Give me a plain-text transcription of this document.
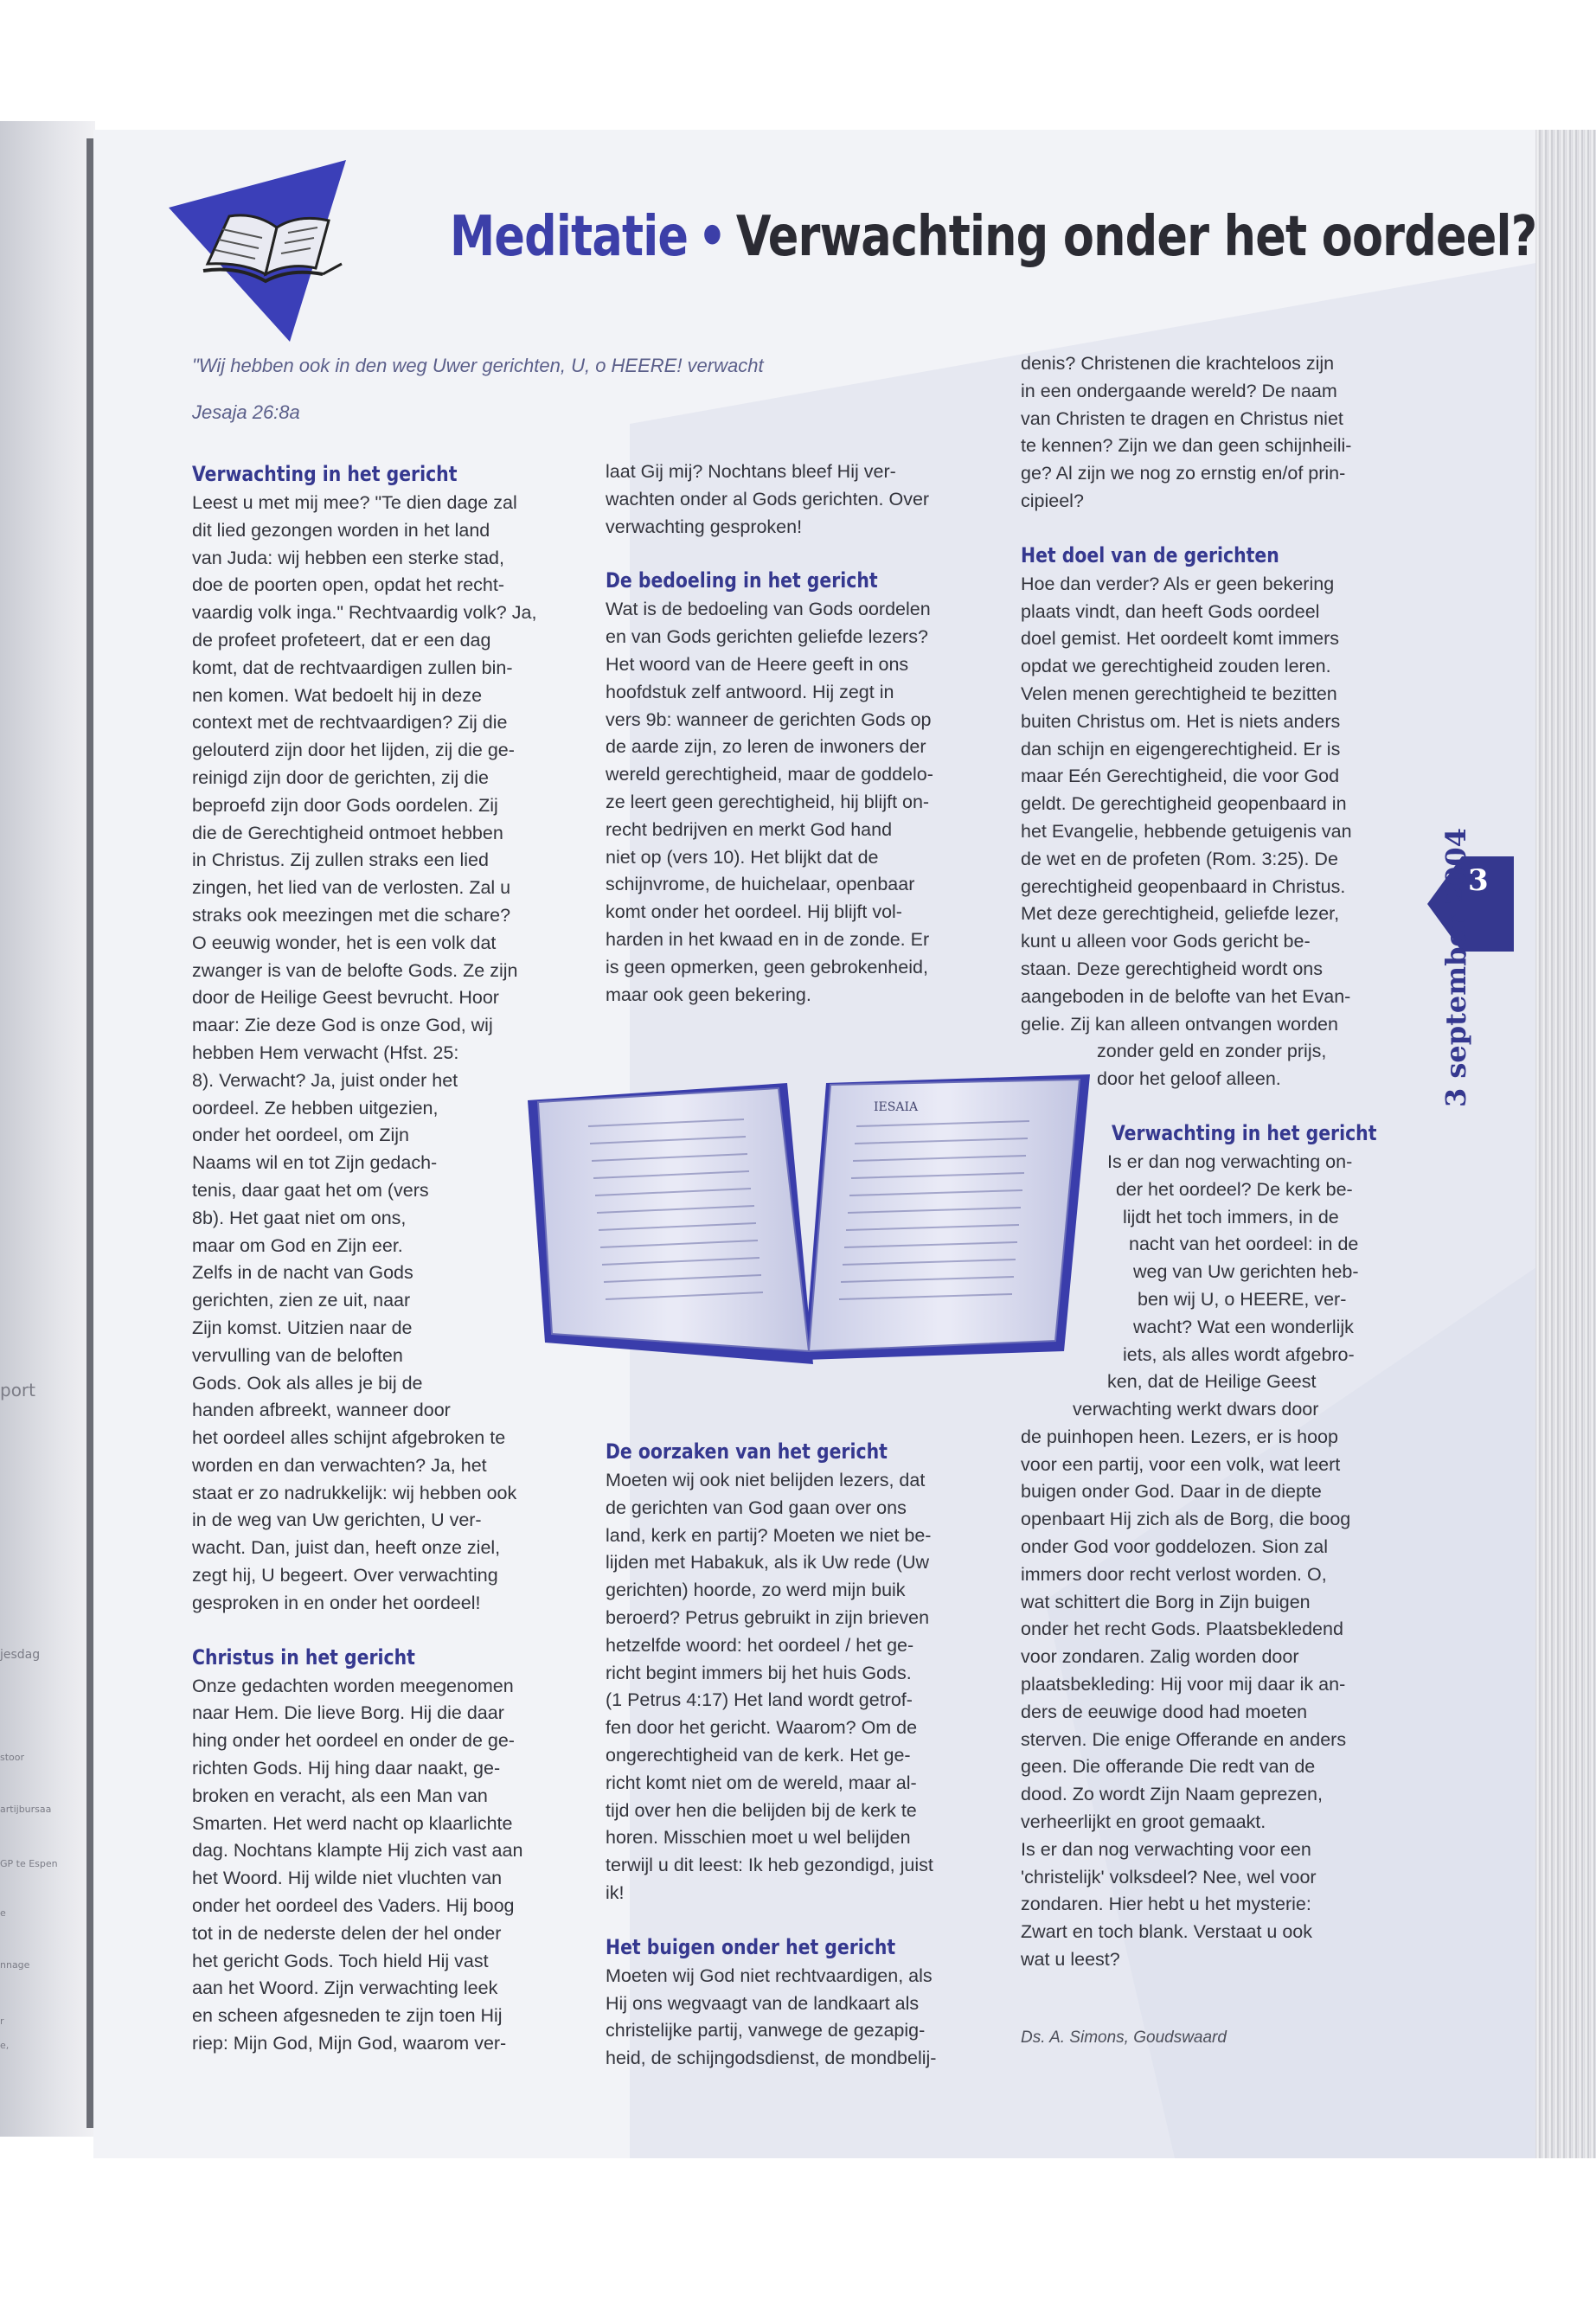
port
jesdag
stoor
artijbursaa
GP te Espen
e
nnage
r
e,
Meditatie • Verwachting onder het oordeel?

"Wij hebben ook in den weg Uwer gerichten, U, o HEERE! verwacht

Jesaja 26:8a

Verwachting in het gericht

Leest u met mij mee? "Te dien dage zal

dit lied gezongen worden in het land

van Juda: wij hebben een sterke stad,

doe de poorten open, opdat het recht-

vaardig volk inga." Rechtvaardig volk? Ja,

de profeet profeteert, dat er een dag

komt, dat de rechtvaardigen zullen bin-

nen komen. Wat bedoelt hij in deze

context met de rechtvaardigen? Zij die

gelouterd zijn door het lijden, zij die ge-

reinigd zijn door de gerichten, zij die

beproefd zijn door Gods oordelen. Zij

die de Gerechtigheid ontmoet hebben

in Christus. Zij zullen straks een lied

zingen, het lied van de verlosten. Zal u

straks ook meezingen met die schare?

O eeuwig wonder, het is een volk dat

zwanger is van de belofte Gods. Ze zijn

door de Heilige Geest bevrucht. Hoor

maar: Zie deze God is onze God, wij

hebben Hem verwacht (Hfst. 25:

8). Verwacht? Ja, juist onder het

oordeel. Ze hebben uitgezien,

onder het oordeel, om Zijn

Naams wil en tot Zijn gedach-

tenis, daar gaat het om (vers

8b). Het gaat niet om ons,

maar om God en Zijn eer.

Zelfs in de nacht van Gods

gerichten, zien ze uit, naar

Zijn komst. Uitzien naar de

vervulling van de beloften

Gods. Ook als alles je bij de

handen afbreekt, wanneer door

het oordeel alles schijnt afgebroken te

worden en dan verwachten? Ja, het

staat er zo nadrukkelijk: wij hebben ook

in de weg van Uw gerichten, U ver-

wacht. Dan, juist dan, heeft onze ziel,

zegt hij, U begeert. Over verwachting

gesproken in en onder het oordeel!

Christus in het gericht

Onze gedachten worden meegenomen

naar Hem. Die lieve Borg. Hij die daar

hing onder het oordeel en onder de ge-

richten Gods. Hij hing daar naakt, ge-

broken en veracht, als een Man van

Smarten. Het werd nacht op klaarlichte

dag. Nochtans klampte Hij zich vast aan

het Woord. Hij wilde niet vluchten van

onder het oordeel des Vaders. Hij boog

tot in de nederste delen der hel onder

het gericht Gods. Toch hield Hij vast

aan het Woord. Zijn verwachting leek

en scheen afgesneden te zijn toen Hij

riep: Mijn God, Mijn God, waarom ver-

laat Gij mij? Nochtans bleef Hij ver-

wachten onder al Gods gerichten. Over

verwachting gesproken!

De bedoeling in het gericht

Wat is de bedoeling van Gods oordelen

en van Gods gerichten geliefde lezers?

Het woord van de Heere geeft in ons

hoofdstuk zelf antwoord. Hij zegt in

vers 9b: wanneer de gerichten Gods op

de aarde zijn, zo leren de inwoners der

wereld gerechtigheid, maar de goddelo-

ze leert geen gerechtigheid, hij blijft on-

recht bedrijven en merkt God hand

niet op (vers 10). Het blijkt dat de

schijnvrome, de huichelaar, openbaar

komt onder het oordeel. Hij blijft vol-

harden in het kwaad en in de zonde. Er

is geen opmerken, geen gebrokenheid,

maar ook geen bekering.

De oorzaken van het gericht

Moeten wij ook niet belijden lezers, dat

de gerichten van God gaan over ons

land, kerk en partij? Moeten we niet be-

lijden met Habakuk, als ik Uw rede (Uw

gerichten) hoorde, zo werd mijn buik

beroerd? Petrus gebruikt in zijn brieven

hetzelfde woord: het oordeel / het ge-

richt begint immers bij het huis Gods.

(1 Petrus 4:17) Het land wordt getrof-

fen door het gericht. Waarom? Om de

ongerechtigheid van de kerk. Het ge-

richt komt niet om de wereld, maar al-

tijd over hen die belijden bij de kerk te

horen. Misschien moet u wel belijden

terwijl u dit leest: Ik heb gezondigd, juist

ik!

Het buigen onder het gericht

Moeten wij God niet rechtvaardigen, als

Hij ons wegvaagt van de landkaart als

christelijke partij, vanwege de gezapig-

heid, de schijngodsdienst, de mondbelij-

denis? Christenen die krachteloos zijn

in een ondergaande wereld? De naam

van Christen te dragen en Christus niet

te kennen? Zijn we dan geen schijnheili-

ge? Al zijn we nog zo ernstig en/of prin-

cipieel?

Het doel van de gerichten

Hoe dan verder? Als er geen bekering

plaats vindt, dan heeft Gods oordeel

doel gemist. Het oordeelt komt immers

opdat we gerechtigheid zouden leren.

Velen menen gerechtigheid te bezitten

buiten Christus om. Het is niets anders

dan schijn en eigengerechtigheid. Er is

maar Eén Gerechtigheid, die voor God

geldt. De gerechtigheid geopenbaard in

het Evangelie, hebbende getuigenis van

de wet en de profeten (Rom. 3:25). De

gerechtigheid geopenbaard in Christus.

Met deze gerechtigheid, geliefde lezer,

kunt u alleen voor Gods gericht be-

staan. Deze gerechtigheid wordt ons

aangeboden in de belofte van het Evan-

gelie. Zij kan alleen ontvangen worden

zonder geld en zonder prijs,

door het geloof alleen.

Verwachting in het gericht

Is er dan nog verwachting on-

der het oordeel? De kerk be-

lijdt het toch immers, in de

nacht van het oordeel: in de

weg van Uw gerichten heb-

ben wij U, o HEERE, ver-

wacht? Wat een wonderlijk

iets, als alles wordt afgebro-

ken, dat de Heilige Geest

verwachting werkt dwars door

de puinhopen heen. Lezers, er is hoop

voor een partij, voor een volk, wat leert

buigen onder God. Daar in de diepte

openbaart Hij zich als de Borg, die boog

onder God voor goddelozen. Sion zal

immers door recht verlost worden. O,

wat schittert die Borg in Zijn buigen

onder het recht Gods. Plaatsbekledend

voor zondaren. Zalig worden door

plaatsbekleding: Hij voor mij daar ik an-

ders de eeuwige dood had moeten

sterven. Die enige Offerande en anders

geen. Die offerande Die redt van de

dood. Zo wordt Zijn Naam geprezen,

verheerlijkt en groot gemaakt.

Is er dan nog verwachting voor een

'christelijk' volksdeel? Nee, wel voor

zondaren. Hier hebt u het mysterie:

Zwart en toch blank. Verstaat u ook

wat u leest?

Ds. A. Simons, Goudswaard
IESAIA
3
3 september 2004
